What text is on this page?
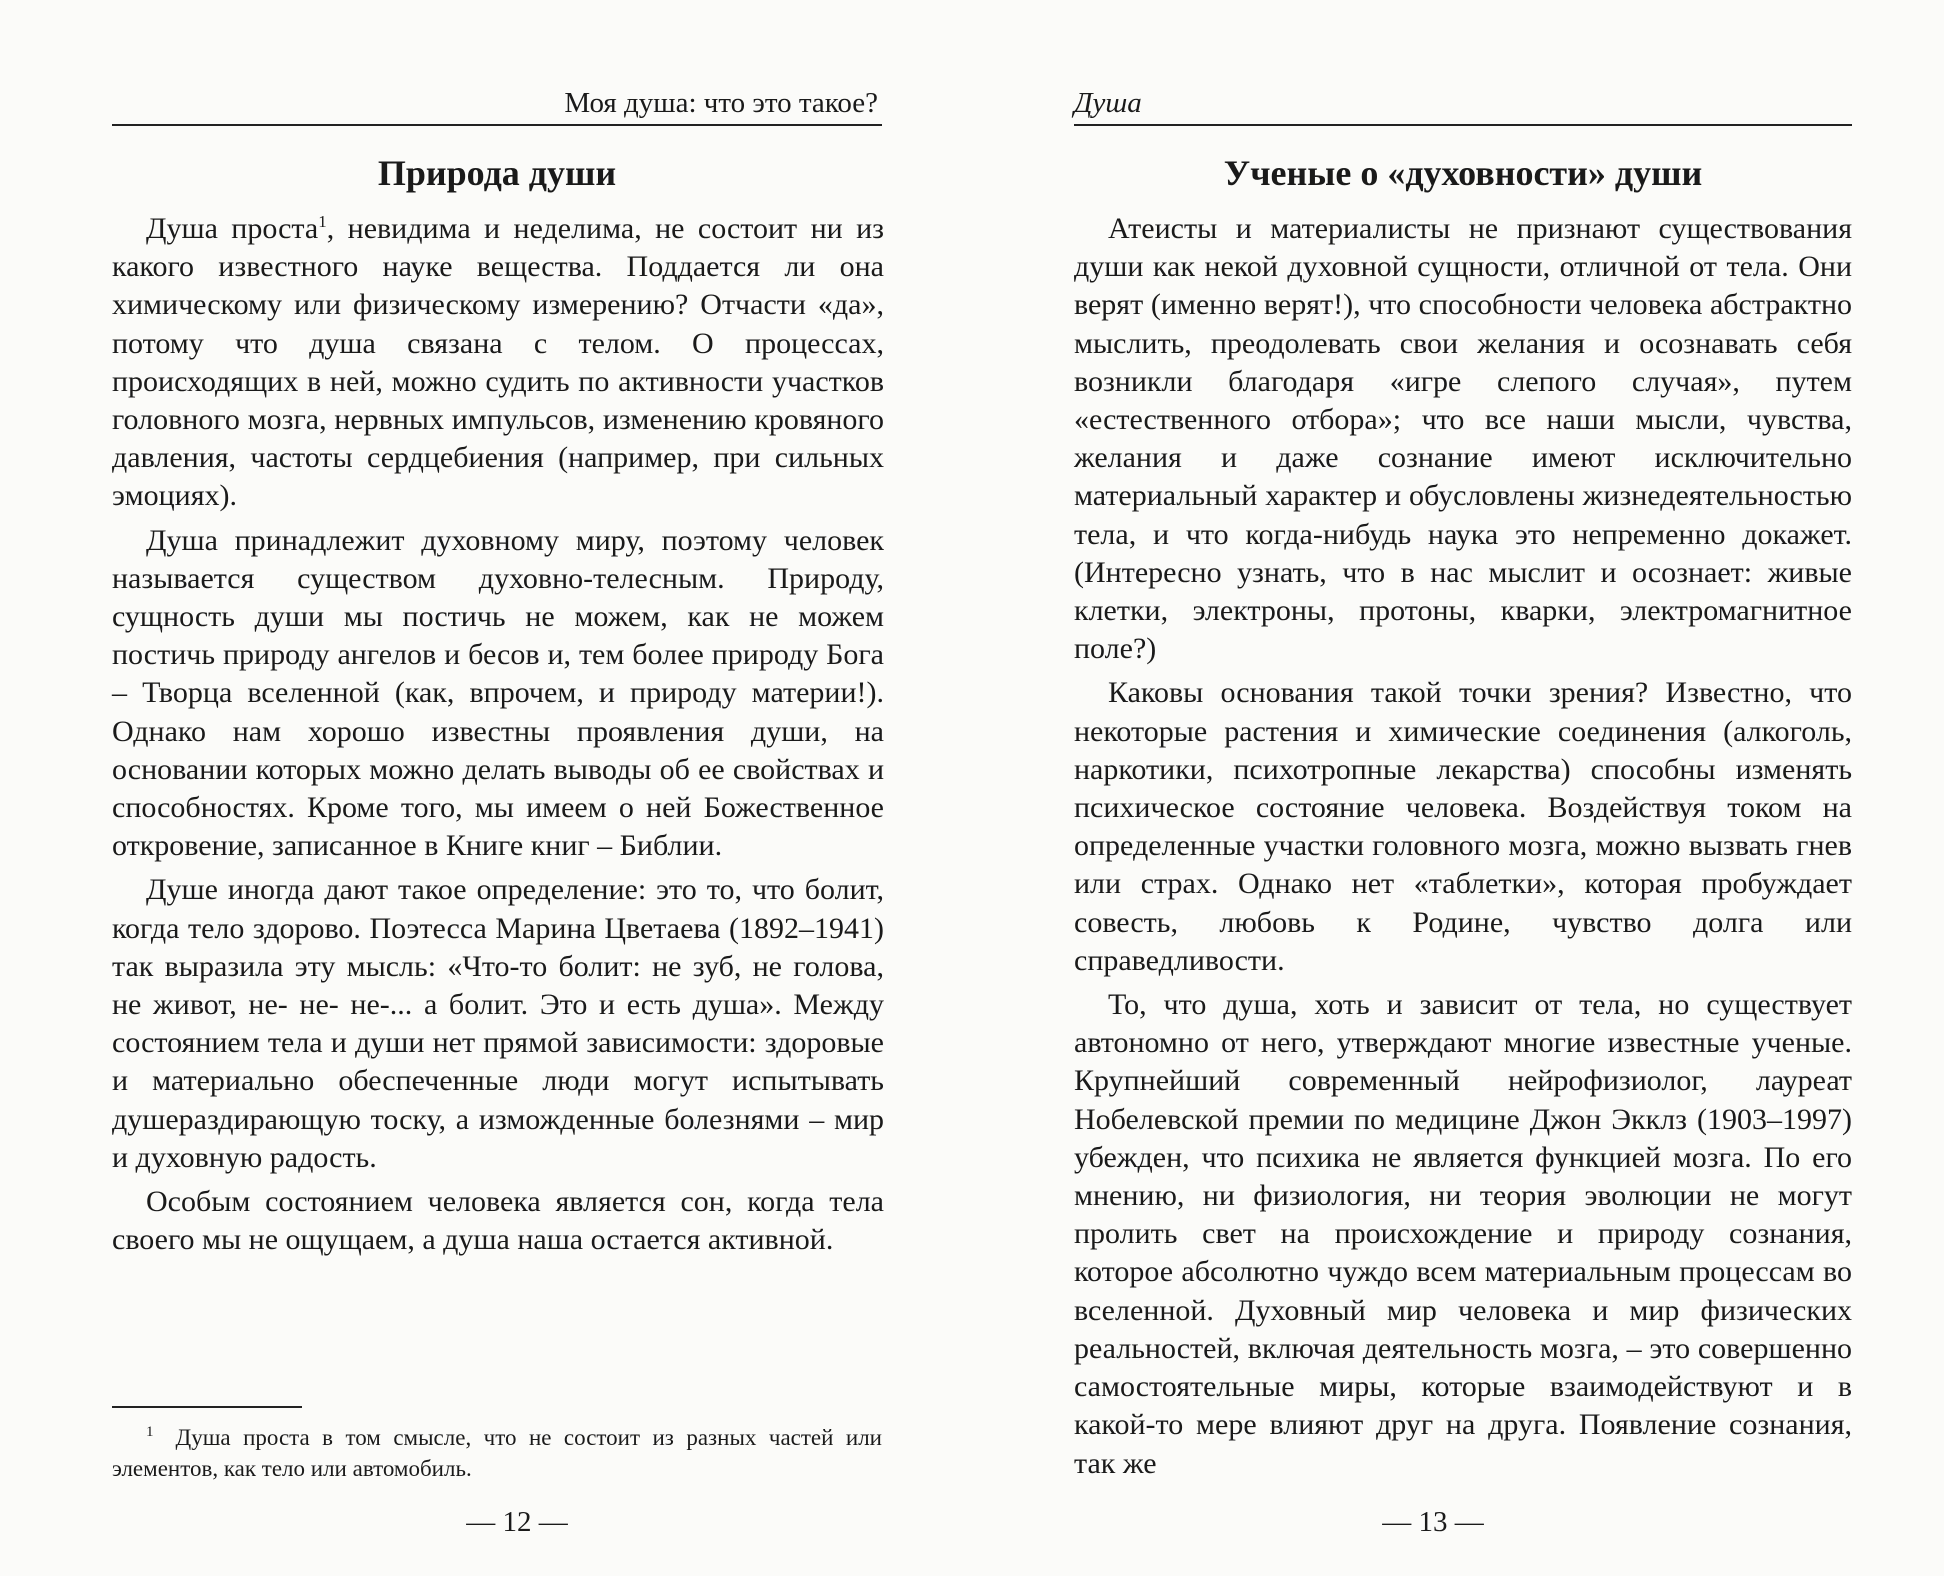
Моя душа: что это такое?
Природа души

Душа проста$^1$, невидима и неделима, не состоит ни из какого известного науке вещества. Поддается ли она химическому или физическому измерению? Отчасти «да», потому что душа связана с телом. О процессах, происходящих в ней, можно судить по активности участков головного мозга, нервных импульсов, изменению кровяного давления, частоты сердцебиения (например, при сильных эмоциях).

Душа принадлежит духовному миру, поэтому человек называется существом духовно-телесным. Природу, сущность души мы постичь не можем, как не можем постичь природу ангелов и бесов и, тем более природу Бога – Творца вселенной (как, впрочем, и природу материи!). Однако нам хорошо известны проявления души, на основании которых можно делать выводы об ее свойствах и способностях. Кроме того, мы имеем о ней Божественное откровение, записанное в Книге книг – Библии.

Душе иногда дают такое определение: это то, что болит, когда тело здорово. Поэтесса Марина Цветаева (1892–1941) так выразила эту мысль: «Что-то болит: не зуб, не голова, не живот, не- не- не-... а болит. Это и есть душа». Между состоянием тела и души нет прямой зависимости: здоровые и материально обеспеченные люди могут испытывать душераздирающую тоску, а изможденные болезнями – мир и духовную радость.

Особым состоянием человека является сон, когда тела своего мы не ощущаем, а душа наша остается активной.

$^1$ Душа проста в том смысле, что не состоит из разных частей или элементов, как тело или автомобиль.
— 12 —
Душа
Ученые о «духовности» души

Атеисты и материалисты не признают существования души как некой духовной сущности, отличной от тела. Они верят (именно верят!), что способности человека абстрактно мыслить, преодолевать свои желания и осознавать себя возникли благодаря «игре слепого случая», путем «естественного отбора»; что все наши мысли, чувства, желания и даже сознание имеют исключительно материальный характер и обусловлены жизнедеятельностью тела, и что когда-нибудь наука это непременно докажет. (Интересно узнать, что в нас мыслит и осознает: живые клетки, электроны, протоны, кварки, электромагнитное поле?)

Каковы основания такой точки зрения? Известно, что некоторые растения и химические соединения (алкоголь, наркотики, психотропные лекарства) способны изменять психическое состояние человека. Воздействуя током на определенные участки головного мозга, можно вызвать гнев или страх. Однако нет «таблетки», которая пробуждает совесть, любовь к Родине, чувство долга или справедливости.

То, что душа, хоть и зависит от тела, но существует автономно от него, утверждают многие известные ученые. Крупнейший современный нейрофизиолог, лауреат Нобелевской премии по медицине Джон Экклз (1903–1997) убежден, что психика не является функцией мозга. По его мнению, ни физиология, ни теория эволюции не могут пролить свет на происхождение и природу сознания, которое абсолютно чуждо всем материальным процессам во вселенной. Духовный мир человека и мир физических реальностей, включая деятельность мозга, – это совершенно самостоятельные миры, которые взаимодействуют и в какой-то мере влияют друг на друга. Появление сознания, так же

— 13 —
